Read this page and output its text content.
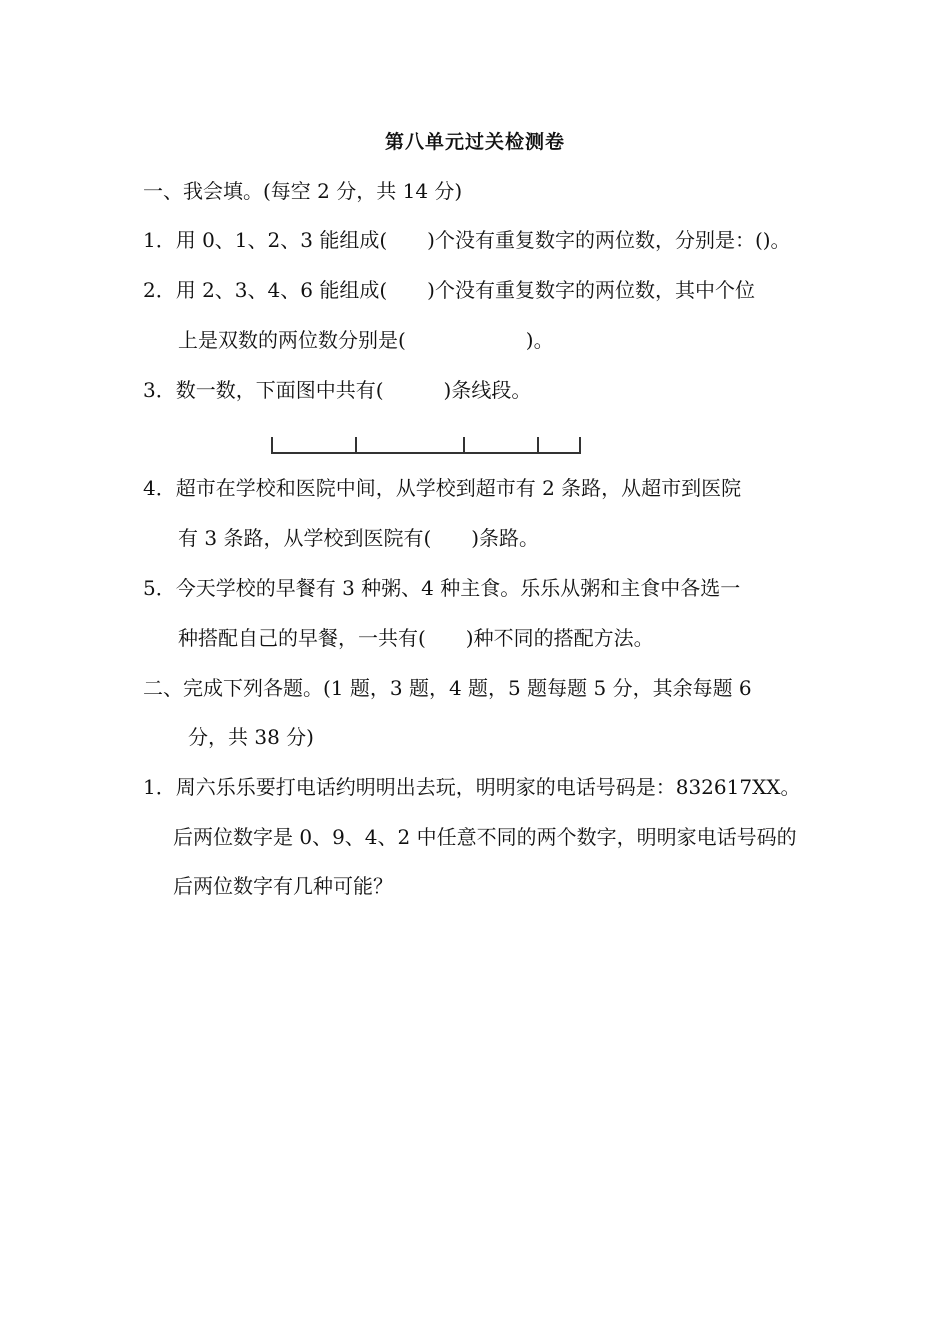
第八单元过关检测卷
一、我会填。(每空 2 分，共 14 分)
1．用 0、1、2、3 能组成(　　)个没有重复数字的两位数，分别是：()。
2．用 2、3、4、6 能组成(　　)个没有重复数字的两位数，其中个位
上是双数的两位数分别是(　　　　　　)。
3．数一数，下面图中共有(　　　)条线段。
4．超市在学校和医院中间，从学校到超市有 2 条路，从超市到医院
有 3 条路，从学校到医院有(　　)条路。
5．今天学校的早餐有 3 种粥、4 种主食。乐乐从粥和主食中各选一
种搭配自己的早餐，一共有(　　)种不同的搭配方法。
二、完成下列各题。(1 题，3 题，4 题，5 题每题 5 分，其余每题 6
分，共 38 分)
1．周六乐乐要打电话约明明出去玩，明明家的电话号码是：832617XX。
后两位数字是 0、9、4、2 中任意不同的两个数字，明明家电话号码的
后两位数字有几种可能？
